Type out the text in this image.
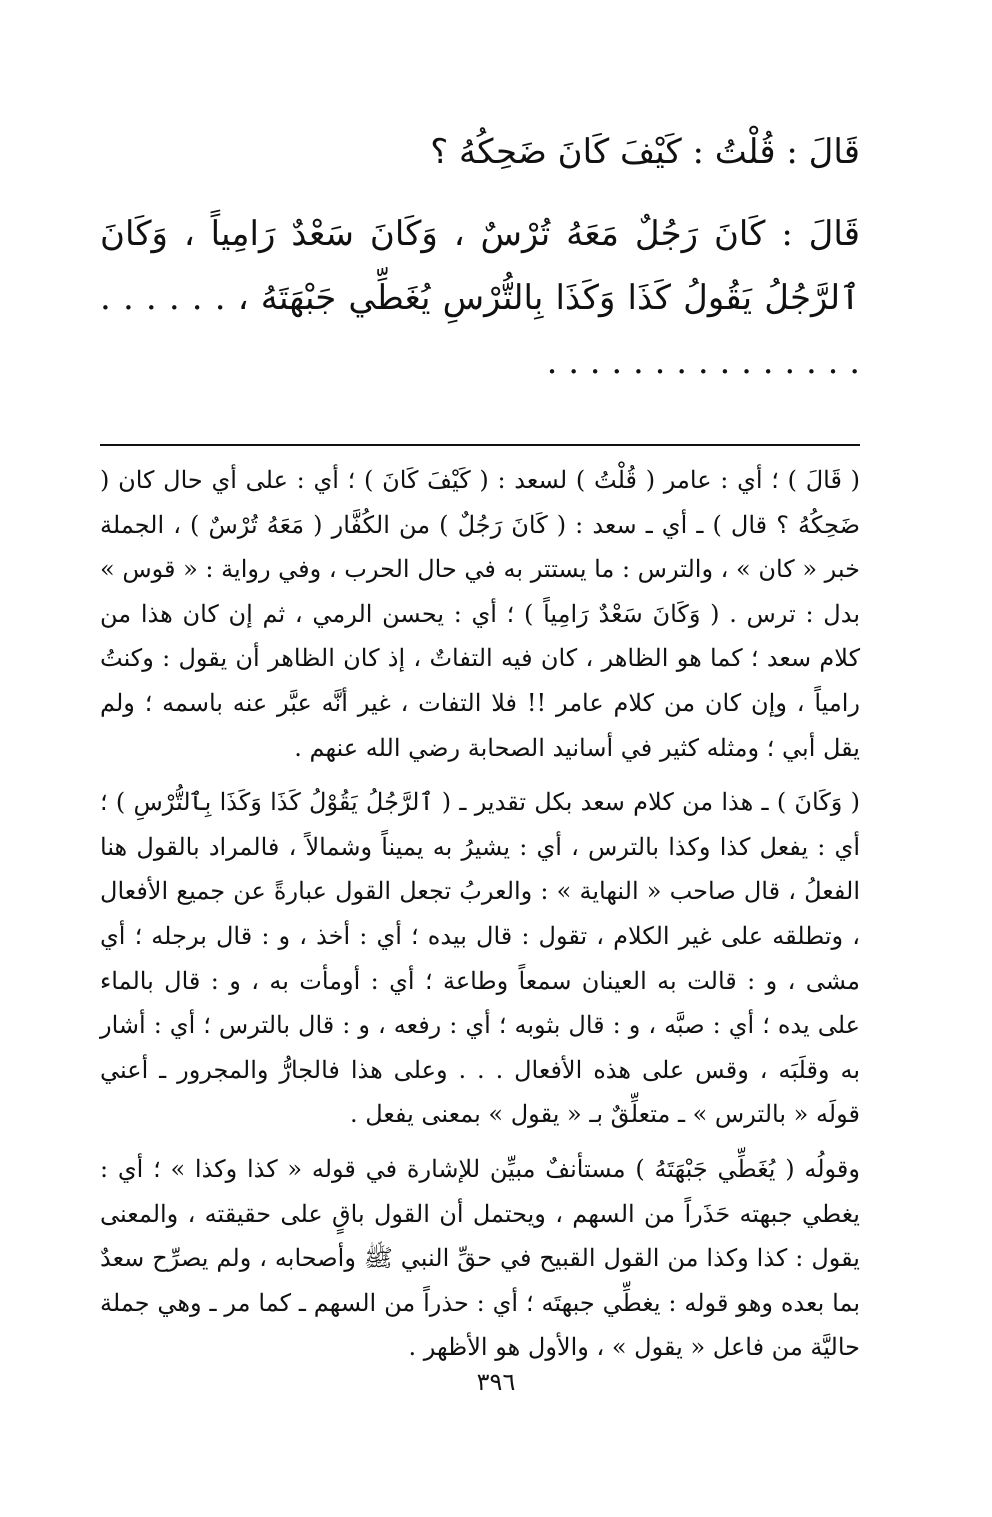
قَالَ : قُلْتُ : كَيْفَ كَانَ ضَحِكُهُ ؟

قَالَ : كَانَ رَجُلٌ مَعَهُ تُرْسٌ ، وَكَانَ سَعْدٌ رَامِياً ، وَكَانَ ٱلرَّجُلُ يَقُولُ كَذَا وَكَذَا بِالتُّرْسِ يُغَطِّي جَبْهَتَهُ ، . . . . . . . . . . . . . . . . . . . . .

( قَالَ ) ؛ أي : عامر ( قُلْتُ ) لسعد : ( كَيْفَ كَانَ ) ؛ أي : على أي حال كان ( ضَحِكُهُ ؟ قال ) ـ أي ـ سعد : ( كَانَ رَجُلٌ ) من الكُفَّار ( مَعَهُ تُرْسٌ ) ، الجملة خبر « كان » ، والترس : ما يستتر به في حال الحرب ، وفي رواية : « قوس » بدل : ترس . ( وَكَانَ سَعْدٌ رَامِياً ) ؛ أي : يحسن الرمي ، ثم إن كان هذا من كلام سعد ؛ كما هو الظاهر ، كان فيه التفاتٌ ، إذ كان الظاهر أن يقول : وكنتُ رامياً ، وإن كان من كلام عامر !! فلا التفات ، غير أنَّه عبَّر عنه باسمه ؛ ولم يقل أبي ؛ ومثله كثير في أسانيد الصحابة رضي الله عنهم .

( وَكَانَ ) ـ هذا من كلام سعد بكل تقدير ـ ( ٱلرَّجُلُ يَقُوْلُ كَذَا وَكَذَا بِٱلتُّرْسِ ) ؛ أي : يفعل كذا وكذا بالترس ، أي : يشيرُ به يميناً وشمالاً ، فالمراد بالقول هنا الفعلُ ، قال صاحب « النهاية » : والعربُ تجعل القول عبارةً عن جميع الأفعال ، وتطلقه على غير الكلام ، تقول : قال بيده ؛ أي : أخذ ، و : قال برجله ؛ أي مشى ، و : قالت به العينان سمعاً وطاعة ؛ أي : أومأت به ، و : قال بالماء على يده ؛ أي : صبَّه ، و : قال بثوبه ؛ أي : رفعه ، و : قال بالترس ؛ أي : أشار به وقلَبَه ، وقس على هذه الأفعال . . . وعلى هذا فالجارُّ والمجرور ـ أعني قولَه « بالترس » ـ متعلِّقٌ بـ « يقول » بمعنى يفعل .

وقولُه ( يُغَطِّي جَبْهَتَهُ ) مستأنفٌ مبيِّن للإشارة في قوله « كذا وكذا » ؛ أي : يغطي جبهته حَذَراً من السهم ، ويحتمل أن القول باقٍ على حقيقته ، والمعنى يقول : كذا وكذا من القول القبيح في حقِّ النبي ﷺ وأصحابه ، ولم يصرِّح سعدٌ بما بعده وهو قوله : يغطِّي جبهتَه ؛ أي : حذراً من السهم ـ كما مر ـ وهي جملة حاليَّة من فاعل « يقول » ، والأول هو الأظهر .

٣٩٦
